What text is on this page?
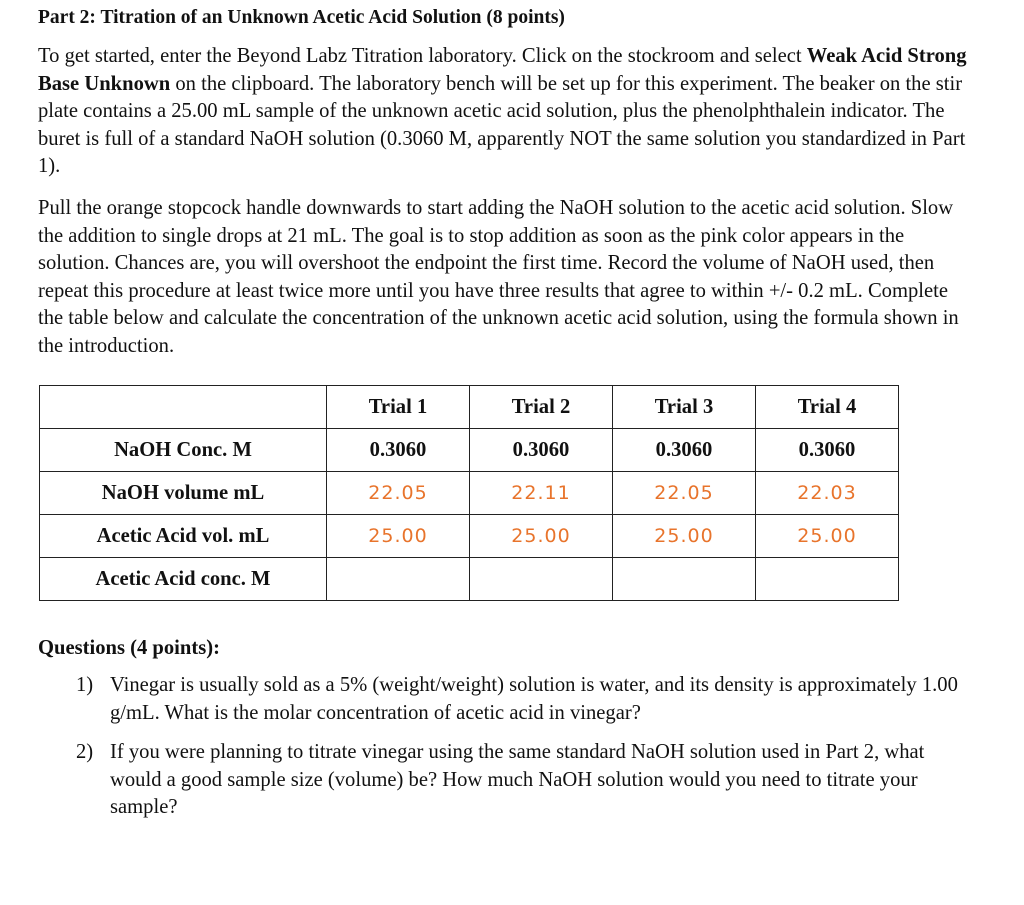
Part 2: Titration of an Unknown Acetic Acid Solution (8 points)

To get started, enter the Beyond Labz Titration laboratory. Click on the stockroom and select Weak Acid Strong Base Unknown on the clipboard. The laboratory bench will be set up for this experiment. The beaker on the stir plate contains a 25.00 mL sample of the unknown acetic acid solution, plus the phenolphthalein indicator. The buret is full of a standard NaOH solution (0.3060 M, apparently NOT the same solution you standardized in Part 1).

Pull the orange stopcock handle downwards to start adding the NaOH solution to the acetic acid solution. Slow the addition to single drops at 21 mL. The goal is to stop addition as soon as the pink color appears in the solution. Chances are, you will overshoot the endpoint the first time. Record the volume of NaOH used, then repeat this procedure at least twice more until you have three results that agree to within +/- 0.2 mL. Complete the table below and calculate the concentration of the unknown acetic acid solution, using the formula shown in the introduction.

	Trial 1	Trial 2	Trial 3	Trial 4
NaOH Conc. M	0.3060	0.3060	0.3060	0.3060
NaOH volume mL	22.05	22.11	22.05	22.03
Acetic Acid vol. mL	25.00	25.00	25.00	25.00
Acetic Acid conc. M				
Questions (4 points):
1) Vinegar is usually sold as a 5% (weight/weight) solution is water, and its density is approximately 1.00 g/mL. What is the molar concentration of acetic acid in vinegar?
2) If you were planning to titrate vinegar using the same standard NaOH solution used in Part 2, what would a good sample size (volume) be? How much NaOH solution would you need to titrate your sample?
